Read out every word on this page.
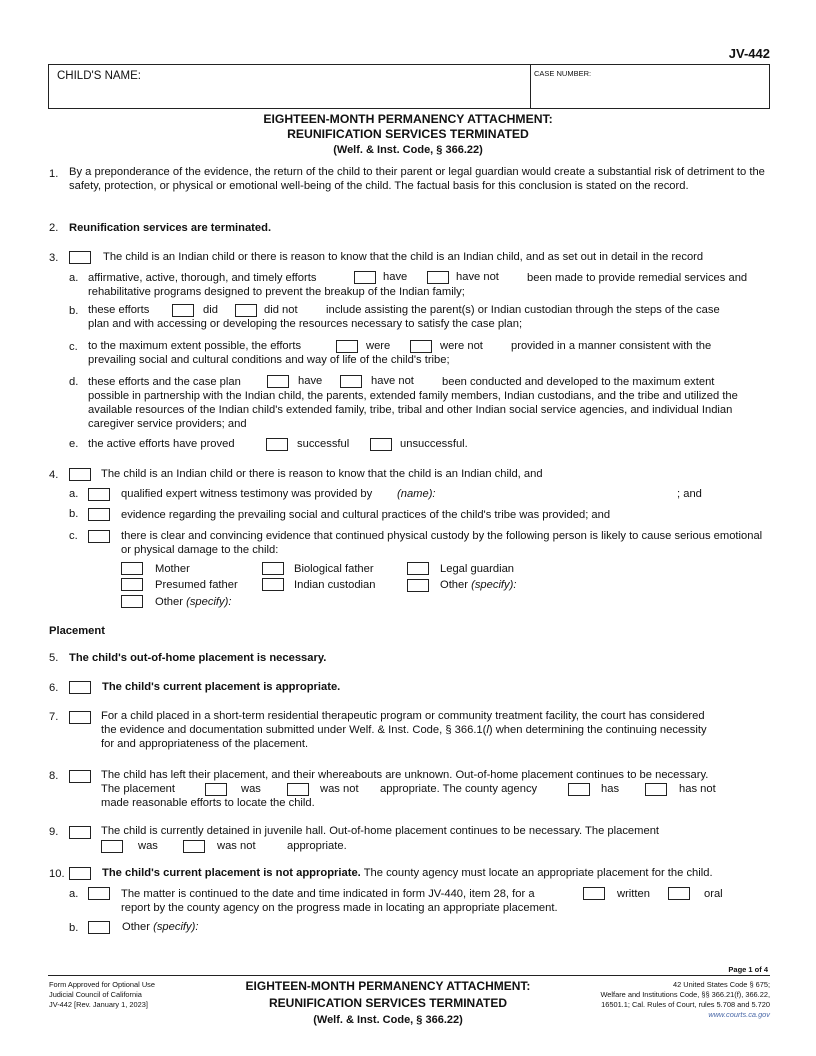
JV-442
CHILD'S NAME:	CASE NUMBER:
EIGHTEEN-MONTH PERMANENCY ATTACHMENT:
REUNIFICATION SERVICES TERMINATED
(Welf. & Inst. Code, § 366.22)
1. By a preponderance of the evidence, the return of the child to their parent or legal guardian would create a substantial risk of detriment to the safety, protection, or physical or emotional well-being of the child. The factual basis for this conclusion is stated on the record.
2. Reunification services are terminated.
3.	The child is an Indian child or there is reason to know that the child is an Indian child, and as set out in detail in the record
a. affirmative, active, thorough, and timely efforts	have	have not	been made to provide remedial services and
rehabilitative programs designed to prevent the breakup of the Indian family;
b. these efforts	did	did not	include assisting the parent(s) or Indian custodian through the steps of the case
plan and with accessing or developing the resources necessary to satisfy the case plan;
c. to the maximum extent possible, the efforts	were	were not	provided in a manner consistent with the
prevailing social and cultural conditions and way of life of the child's tribe;
d. these efforts and the case plan	have	have not	been conducted and developed to the maximum extent
possible in partnership with the Indian child, the parents, extended family members, Indian custodians, and the tribe and utilized the available resources of the Indian child's extended family, tribe, tribal and other Indian social service agencies, and individual Indian caregiver service providers; and
e. the active efforts have proved	successful	unsuccessful.
4.	The child is an Indian child or there is reason to know that the child is an Indian child, and
a.	qualified expert witness testimony was provided by (name):	; and
b.	evidence regarding the prevailing social and cultural practices of the child's tribe was provided; and
c.	there is clear and convincing evidence that continued physical custody by the following person is likely to cause serious emotional or physical damage to the child:
Mother	Biological father	Legal guardian
Presumed father	Indian custodian	Other (specify):
Other (specify):
Placement
5. The child's out-of-home placement is necessary.
6.	The child's current placement is appropriate.
7.	For a child placed in a short-term residential therapeutic program or community treatment facility, the court has considered
the evidence and documentation submitted under Welf. & Inst. Code, § 366.1(l) when determining the continuing necessity
for and appropriateness of the placement.
8.	The child has left their placement, and their whereabouts are unknown. Out-of-home placement continues to be necessary.
The placement	was	was not appropriate. The county agency	has	has not
made reasonable efforts to locate the child.
9.	The child is currently detained in juvenile hall. Out-of-home placement continues to be necessary. The placement
was	was not	appropriate.
10.	The child's current placement is not appropriate. The county agency must locate an appropriate placement for the child.
a.	The matter is continued to the date and time indicated in form JV-440, item 28, for a	written	oral
report by the county agency on the progress made in locating an appropriate placement.
b.	Other (specify):
Page 1 of 4
Form Approved for Optional Use
Judicial Council of California
JV-442 [Rev. January 1, 2023]
EIGHTEEN-MONTH PERMANENCY ATTACHMENT:
REUNIFICATION SERVICES TERMINATED
(Welf. & Inst. Code, § 366.22)
42 United States Code § 675;
Welfare and Institutions Code, §§ 366.21(f), 366.22,
16501.1; Cal. Rules of Court, rules 5.708 and 5.720
www.courts.ca.gov
